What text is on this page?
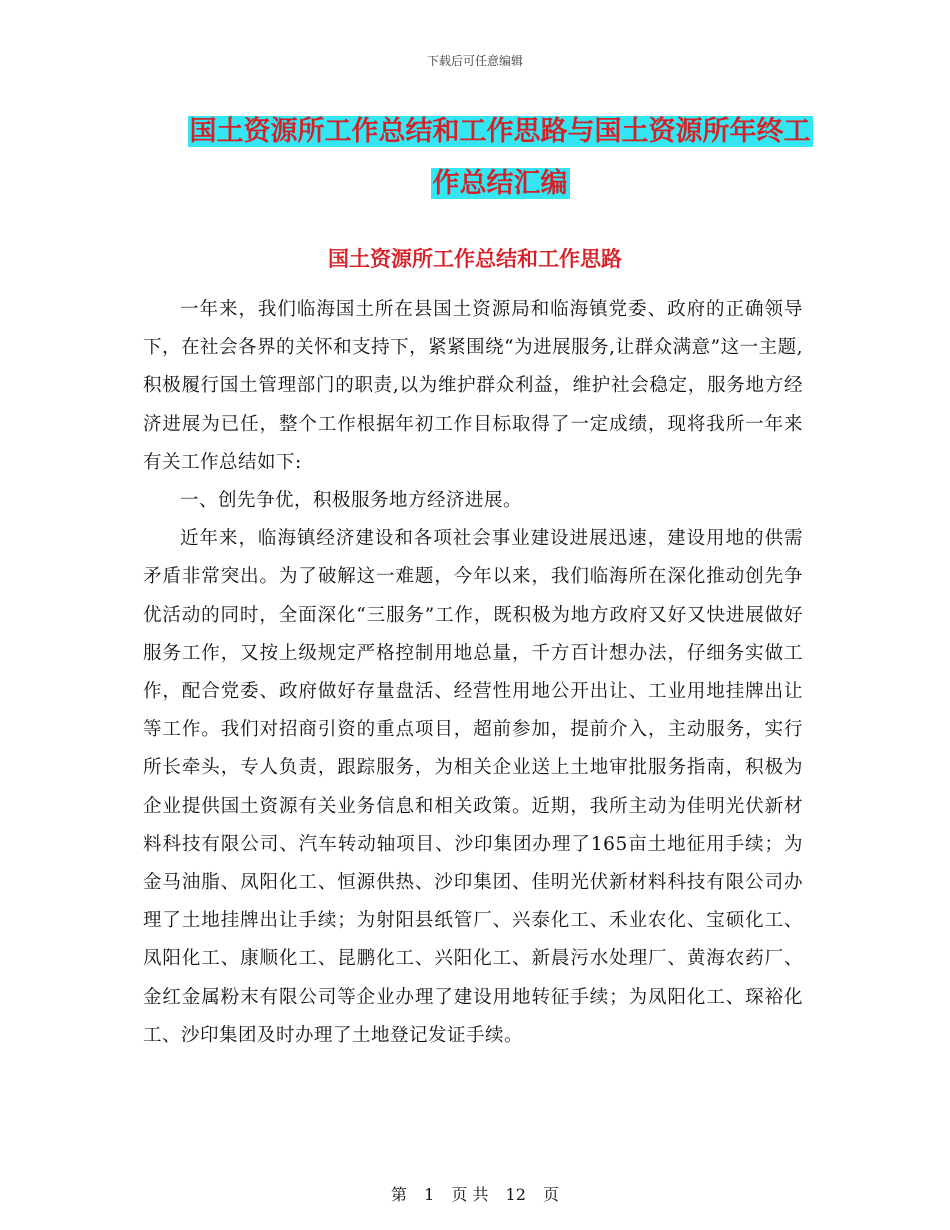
下载后可任意编辑
国土资源所工作总结和工作思路与国土资源所年终工
作总结汇编
国土资源所工作总结和工作思路

一年来，我们临海国土所在县国土资源局和临海镇党委、政府的正确领导下，在社会各界的关怀和支持下，紧紧围绕“为进展服务,让群众满意”这一主题,积极履行国土管理部门的职责,以为维护群众利益，维护社会稳定，服务地方经济进展为已任，整个工作根据年初工作目标取得了一定成绩，现将我所一年来有关工作总结如下:

一、创先争优，积极服务地方经济进展。

近年来，临海镇经济建设和各项社会事业建设进展迅速，建设用地的供需矛盾非常突出。为了破解这一难题，今年以来，我们临海所在深化推动创先争优活动的同时，全面深化“三服务”工作，既积极为地方政府又好又快进展做好服务工作，又按上级规定严格控制用地总量，千方百计想办法，仔细务实做工作，配合党委、政府做好存量盘活、经营性用地公开出让、工业用地挂牌出让等工作。我们对招商引资的重点项目，超前参加，提前介入，主动服务，实行所长牵头，专人负责，跟踪服务，为相关企业送上土地审批服务指南，积极为企业提供国土资源有关业务信息和相关政策。近期，我所主动为佳明光伏新材料科技有限公司、汽车转动轴项目、沙印集团办理了165亩土地征用手续；为金马油脂、凤阳化工、恒源供热、沙印集团、佳明光伏新材料科技有限公司办理了土地挂牌出让手续；为射阳县纸管厂、兴泰化工、禾业农化、宝硕化工、凤阳化工、康顺化工、昆鹏化工、兴阳化工、新晨污水处理厂、黄海农药厂、金红金属粉末有限公司等企业办理了建设用地转征手续；为凤阳化工、琛裕化工、沙印集团及时办理了土地登记发证手续。

第 1 页 共 12 页
